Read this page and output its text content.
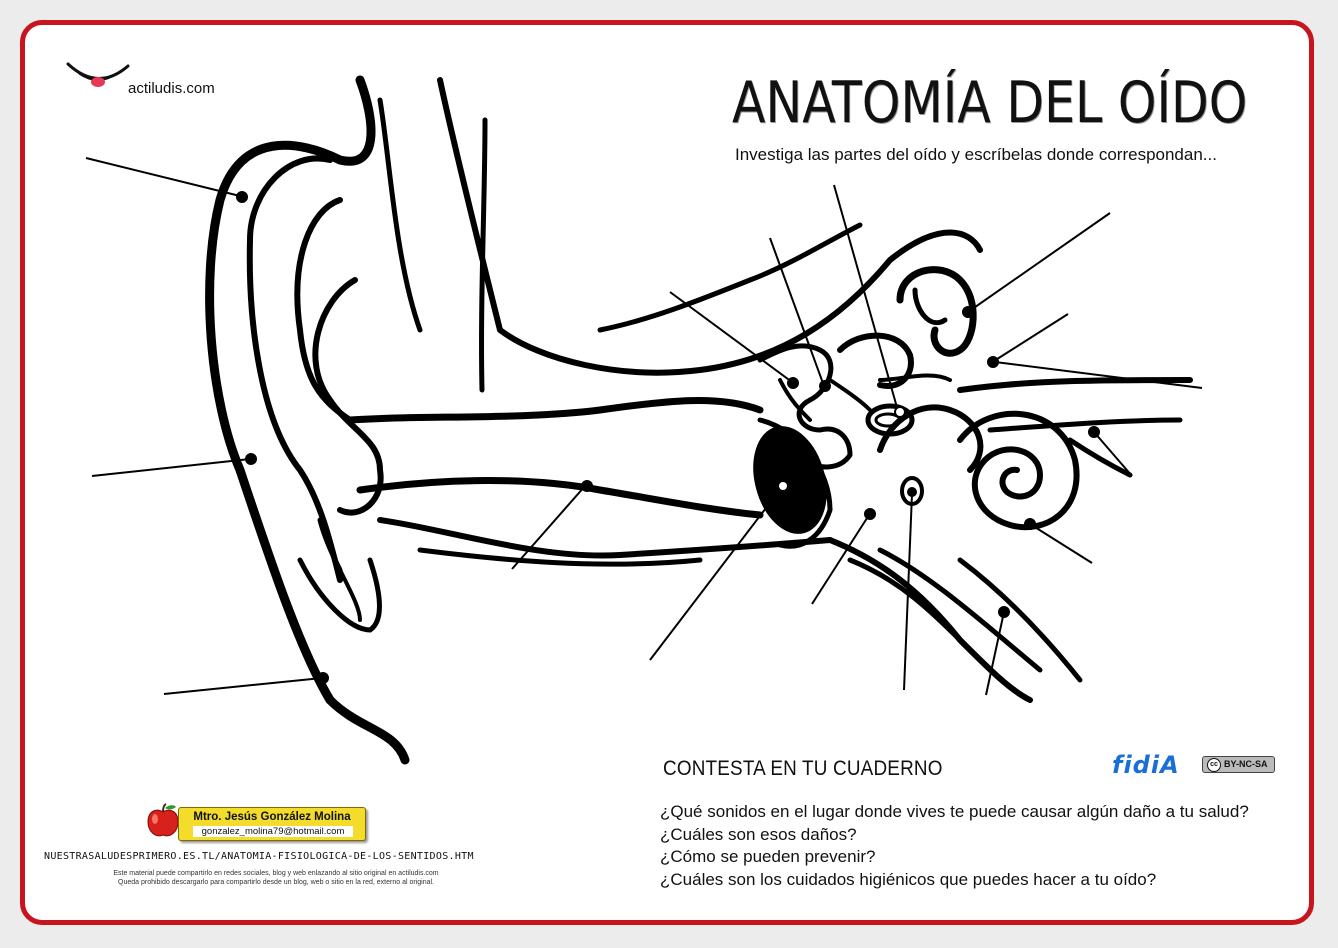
actiludis.com	ANATOMÍA DEL OÍDO
Investiga las partes del oído y escríbelas donde correspondan...
CONTESTA EN TU CUADERNO	fidiA	cc BY-NC-SA
¿Qué sonidos en el lugar donde vives te puede causar algún daño a tu salud?
¿Cuáles son esos daños?
¿Cómo se pueden prevenir?
¿Cuáles son los cuidados higiénicos que puedes hacer a tu oído?
Mtro. Jesús González Molina
gonzalez_molina79@hotmail.com
NUESTRASALUDESPRIMERO.ES.TL/ANATOMIA-FISIOLOGICA-DE-LOS-SENTIDOS.HTM
Este material puede compartirlo en redes sociales, blog y web enlazando al sitio original en actiludis.com
Queda prohibido descargarlo para compartirlo desde un blog, web o sitio en la red, externo al original.
